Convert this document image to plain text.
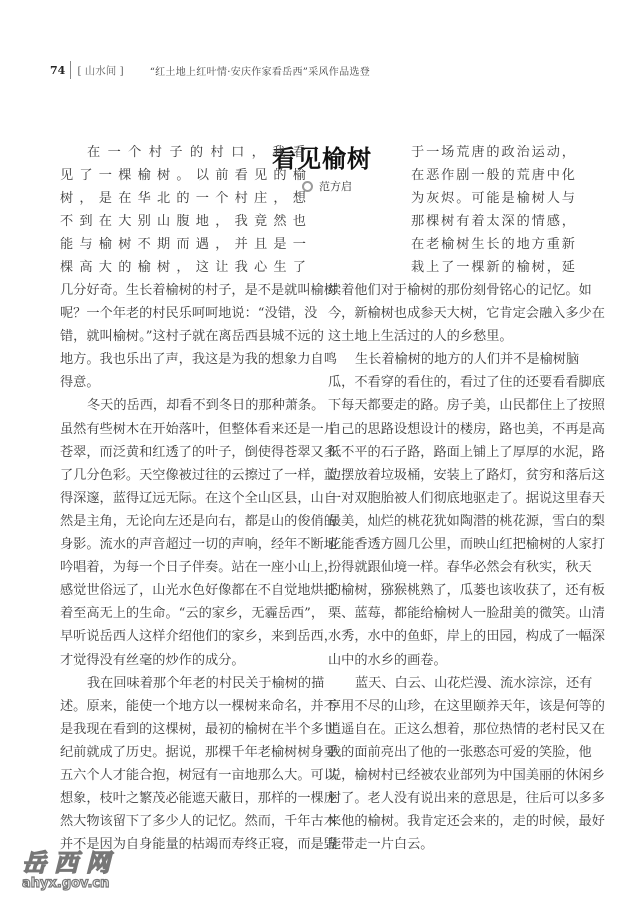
74 [ 山水间 ]	“红土地上红叶情·安庆作家看岳西”采风作品选登
看见榆树
范方启
在一个村子的村口，我看
见了一棵榆树。以前看见的榆
树，是在华北的一个村庄，想
不到在大别山腹地，我竟然也
能与榆树不期而遇，并且是一
棵高大的榆树，这让我心生了
几分好奇。生长着榆树的村子，是不是就叫榆树
呢？一个年老的村民乐呵呵地说：“没错，没
错，就叫榆树。”这村子就在离岳西县城不远的
地方。我也乐出了声，我这是为我的想象力自鸣
得意。
冬天的岳西，却看不到冬日的那种萧条。
虽然有些树木在开始落叶，但整体看来还是一片
苍翠，而泛黄和红透了的叶子，倒使得苍翠又多
了几分色彩。天空像被过往的云擦过了一样，蓝
得深邃，蓝得辽远无际。在这个全山区县，山自
然是主角，无论向左还是向右，都是山的俊俏的
身影。流水的声音超过一切的声响，经年不断地
吟唱着，为每一个日子伴奏。站在一座小山上，
感觉世俗远了，山光水色好像都在不自觉地烘托
着至高无上的生命。“云的家乡，无霾岳西”，
早听说岳西人这样介绍他们的家乡，来到岳西，
才觉得没有丝毫的炒作的成分。
我在回味着那个年老的村民关于榆树的描
述。原来，能使一个地方以一棵树来命名，并不
是我现在看到的这棵树，最初的榆树在半个多世
纪前就成了历史。据说，那棵千年老榆树树身要
五六个人才能合抱，树冠有一亩地那么大。可以
想象，枝叶之繁茂必能遮天蔽日，那样的一棵庞
然大物该留下了多少人的记忆。然而，千年古木
并不是因为自身能量的枯竭而寿终正寝，而是毁
于一场荒唐的政治运动，
在恶作剧一般的荒唐中化
为灰烬。可能是榆树人与
那棵树有着太深的情感，
在老榆树生长的地方重新
栽上了一棵新的榆树，延
续着他们对于榆树的那份刻骨铭心的记忆。如
今，新榆树也成参天大树，它肯定会融入多少在
这土地上生活过的人的乡愁里。
生长着榆树的地方的人们并不是榆树脑
瓜，不看穿的看住的，看过了住的还要看看脚底
下每天都要走的路。房子美，山民都住上了按照
自己的思路设想设计的楼房，路也美，不再是高
低不平的石子路，路面上铺上了厚厚的水泥，路
边摆放着垃圾桶，安装上了路灯，贫穷和落后这
一对双胞胎被人们彻底地驱走了。据说这里春天
最美，灿烂的桃花犹如陶潜的桃花源，雪白的梨
花能香透方圆几公里，而映山红把榆树的人家打
扮得就跟仙境一样。春华必然会有秋实，秋天
的榆树，猕猴桃熟了，瓜蒌也该收获了，还有板
栗、蓝莓，都能给榆树人一脸甜美的微笑。山清
水秀，水中的鱼虾，岸上的田园，构成了一幅深
山中的水乡的画卷。
蓝天、白云、山花烂漫、流水淙淙，还有
享用不尽的山珍，在这里颐养天年，该是何等的
逍遥自在。正这么想着，那位热情的老村民又在
我的面前亮出了他的一张憨态可爱的笑脸，他
说，榆树村已经被农业部列为中国美丽的休闲乡
村了。老人没有说出来的意思是，往后可以多多
来他的榆树。我肯定还会来的，走的时候，最好
能带走一片白云。
岳西网
ahyx.gov.cn
